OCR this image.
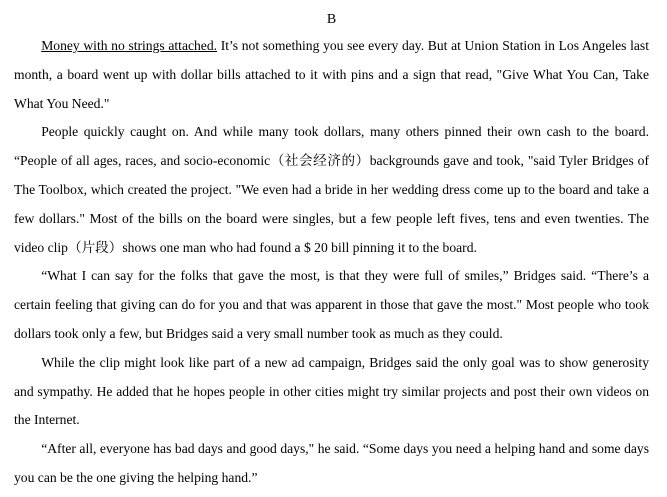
B

Money with no strings attached. It’s not something you see every day. But at Union Station in Los Angeles last month, a board went up with dollar bills attached to it with pins and a sign that read, "Give What You Can, Take What You Need."

People quickly caught on. And while many took dollars, many others pinned their own cash to the board. “People of all ages, races, and socio-economic（社会经济的）backgrounds gave and took, "said Tyler Bridges of The Toolbox, which created the project. "We even had a bride in her wedding dress come up to the board and take a few dollars." Most of the bills on the board were singles, but a few people left fives, tens and even twenties. The video clip（片段）shows one man who had found a $ 20 bill pinning it to the board.

“What I can say for the folks that gave the most, is that they were full of smiles,” Bridges said. “There’s a certain feeling that giving can do for you and that was apparent in those that gave the most." Most people who took dollars took only a few, but Bridges said a very small number took as much as they could.

While the clip might look like part of a new ad campaign, Bridges said the only goal was to show generosity and sympathy. He added that he hopes people in other cities might try similar projects and post their own videos on the Internet.

“After all, everyone has bad days and good days," he said. “Some days you need a helping hand and some days you can be the one giving the helping hand.”
